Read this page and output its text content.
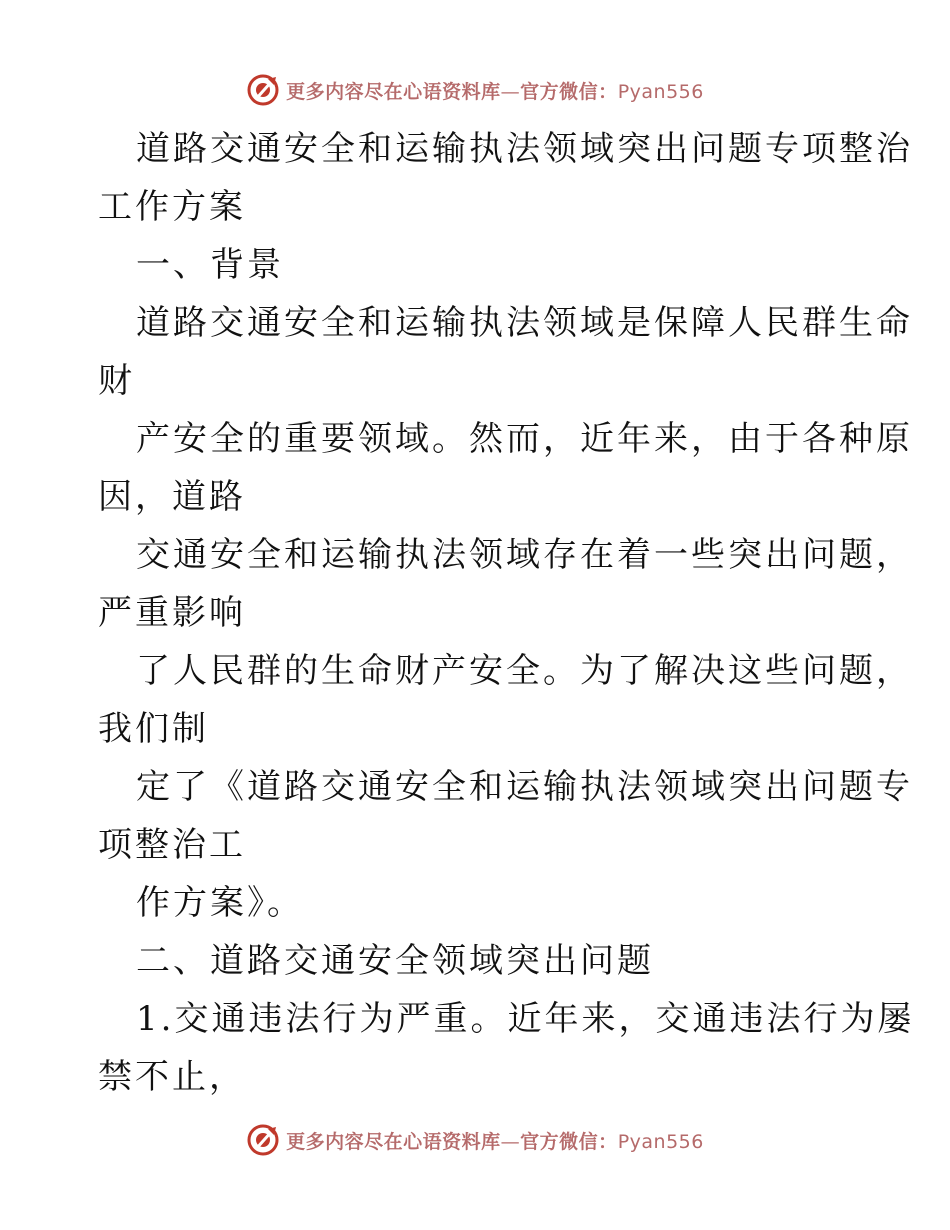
更多内容尽在心语资料库—官方微信：Pyan556
道路交通安全和运输执法领域突出问题专项整治
工作方案
一、背景
道路交通安全和运输执法领域是保障人民群生命
财
产安全的重要领域。然而，近年来，由于各种原
因，道路
交通安全和运输执法领域存在着一些突出问题，
严重影响
了人民群的生命财产安全。为了解决这些问题，
我们制
定了《道路交通安全和运输执法领域突出问题专
项整治工
作方案》。
二、道路交通安全领域突出问题
1.交通违法行为严重。近年来，交通违法行为屡
禁不止，
更多内容尽在心语资料库—官方微信：Pyan556
